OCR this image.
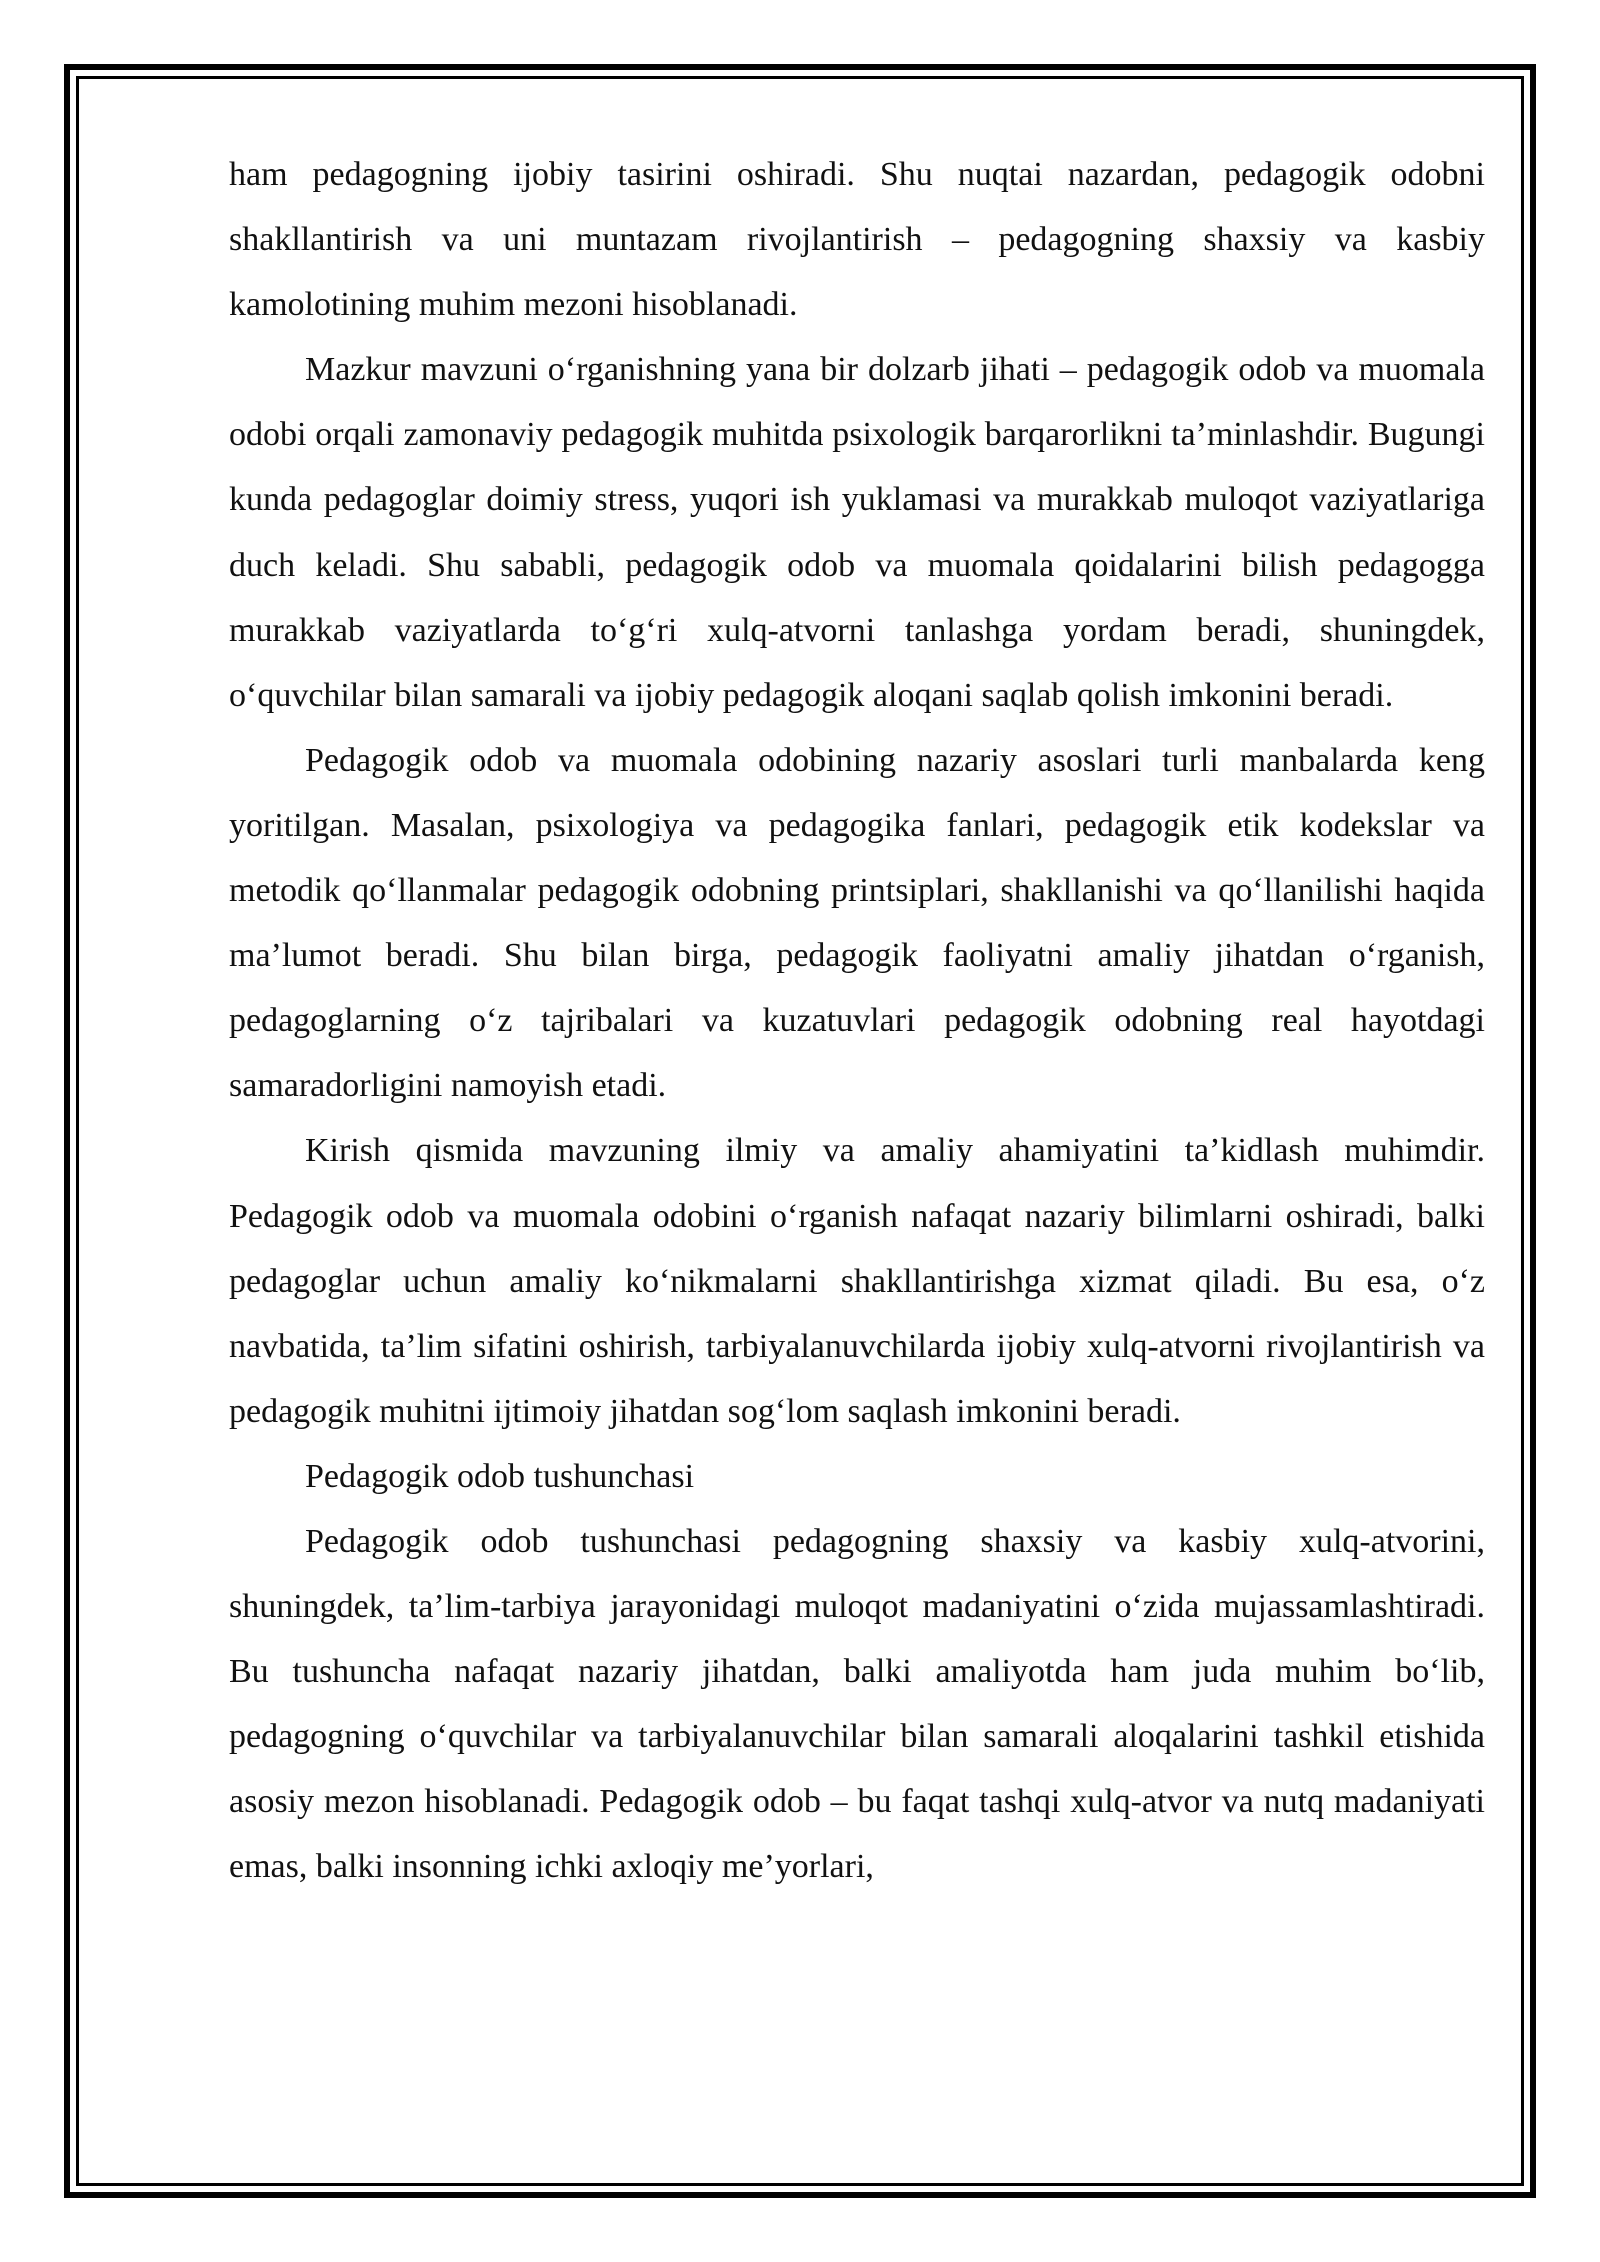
ham pedagogning ijobiy tasirini oshiradi. Shu nuqtai nazardan, pedagogik odobni shakllantirish va uni muntazam rivojlantirish – pedagogning shaxsiy va kasbiy kamolotining muhim mezoni hisoblanadi.

Mazkur mavzuni oʻrganishning yana bir dolzarb jihati – pedagogik odob va muomala odobi orqali zamonaviy pedagogik muhitda psixologik barqarorlikni ta’minlashdir. Bugungi kunda pedagoglar doimiy stress, yuqori ish yuklamasi va murakkab muloqot vaziyatlariga duch keladi. Shu sababli, pedagogik odob va muomala qoidalarini bilish pedagogga murakkab vaziyatlarda toʻgʻri xulq-atvorni tanlashga yordam beradi, shuningdek, oʻquvchilar bilan samarali va ijobiy pedagogik aloqani saqlab qolish imkonini beradi.

Pedagogik odob va muomala odobining nazariy asoslari turli manbalarda keng yoritilgan. Masalan, psixologiya va pedagogika fanlari, pedagogik etik kodekslar va metodik qoʻllanmalar pedagogik odobning printsiplari, shakllanishi va qoʻllanilishi haqida ma’lumot beradi. Shu bilan birga, pedagogik faoliyatni amaliy jihatdan oʻrganish, pedagoglarning oʻz tajribalari va kuzatuvlari pedagogik odobning real hayotdagi samaradorligini namoyish etadi.

Kirish qismida mavzuning ilmiy va amaliy ahamiyatini ta’kidlash muhimdir. Pedagogik odob va muomala odobini oʻrganish nafaqat nazariy bilimlarni oshiradi, balki pedagoglar uchun amaliy koʻnikmalarni shakllantirishga xizmat qiladi. Bu esa, oʻz navbatida, ta’lim sifatini oshirish, tarbiyalanuvchilarda ijobiy xulq-atvorni rivojlantirish va pedagogik muhitni ijtimoiy jihatdan sogʻlom saqlash imkonini beradi.

Pedagogik odob tushunchasi

Pedagogik odob tushunchasi pedagogning shaxsiy va kasbiy xulq-atvorini, shuningdek, ta’lim-tarbiya jarayonidagi muloqot madaniyatini oʻzida mujassamlashtiradi. Bu tushuncha nafaqat nazariy jihatdan, balki amaliyotda ham juda muhim boʻlib, pedagogning oʻquvchilar va tarbiyalanuvchilar bilan samarali aloqalarini tashkil etishida asosiy mezon hisoblanadi. Pedagogik odob – bu faqat tashqi xulq-atvor va nutq madaniyati emas, balki insonning ichki axloqiy me’yorlari,
